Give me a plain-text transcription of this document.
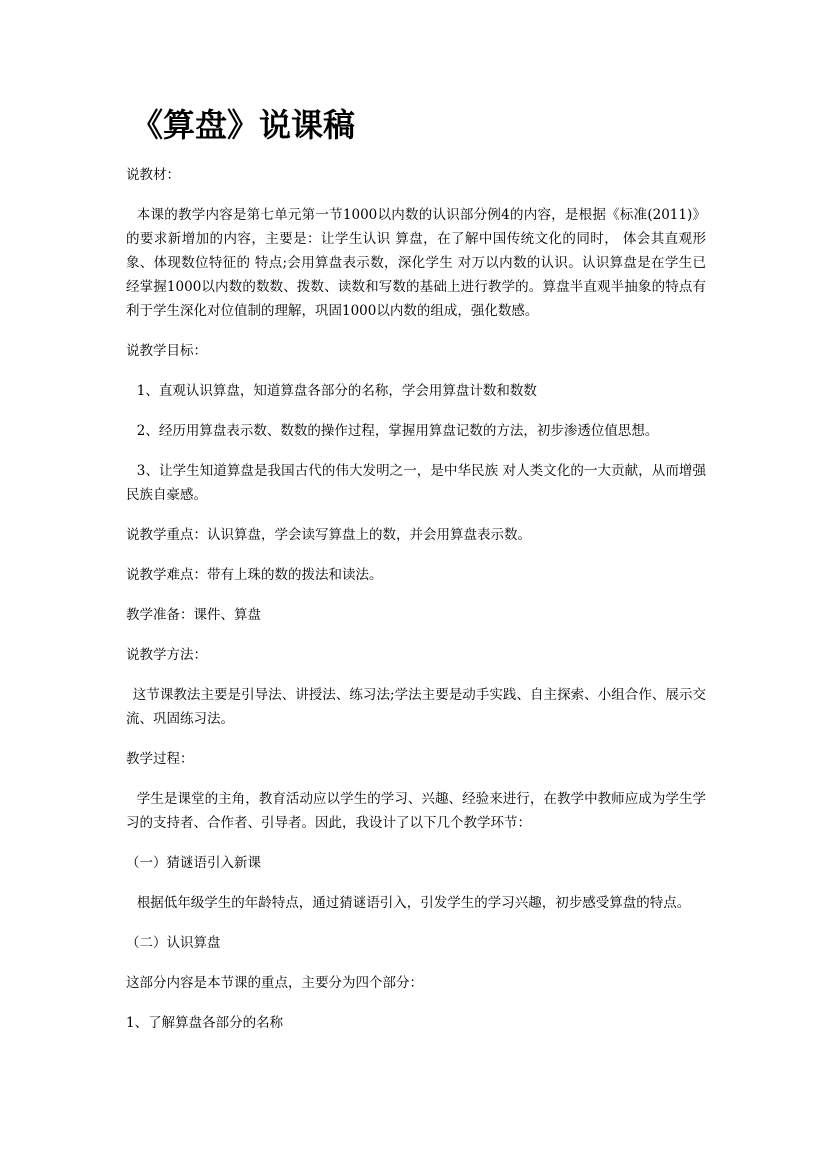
《算盘》说课稿

说教材：

本课的教学内容是第七单元第一节1000以内数的认识部分例4的内容，是根据《标准(2011)》的要求新增加的内容，主要是：让学生认识 算盘，在了解中国传统文化的同时， 体会其直观形象、体现数位特征的 特点;会用算盘表示数，深化学生 对万以内数的认识。认识算盘是在学生已经掌握1000以内数的数数、拨数、读数和写数的基础上进行教学的。算盘半直观半抽象的特点有利于学生深化对位值制的理解，巩固1000以内数的组成，强化数感。

说教学目标：

1、直观认识算盘，知道算盘各部分的名称，学会用算盘计数和数数

2、经历用算盘表示数、数数的操作过程，掌握用算盘记数的方法，初步渗透位值思想。

3、让学生知道算盘是我国古代的伟大发明之一，是中华民族 对人类文化的一大贡献，从而增强民族自豪感。

说教学重点：认识算盘，学会读写算盘上的数，并会用算盘表示数。

说教学难点：带有上珠的数的拨法和读法。

教学准备：课件、算盘

说教学方法：

这节课教法主要是引导法、讲授法、练习法;学法主要是动手实践、自主探索、小组合作、展示交流、巩固练习法。

教学过程：

学生是课堂的主角，教育活动应以学生的学习、兴趣、经验来进行，在教学中教师应成为学生学习的支持者、合作者、引导者。因此，我设计了以下几个教学环节：

（一）猜谜语引入新课

根据低年级学生的年龄特点，通过猜谜语引入，引发学生的学习兴趣，初步感受算盘的特点。

（二）认识算盘

这部分内容是本节课的重点，主要分为四个部分：

1、了解算盘各部分的名称
